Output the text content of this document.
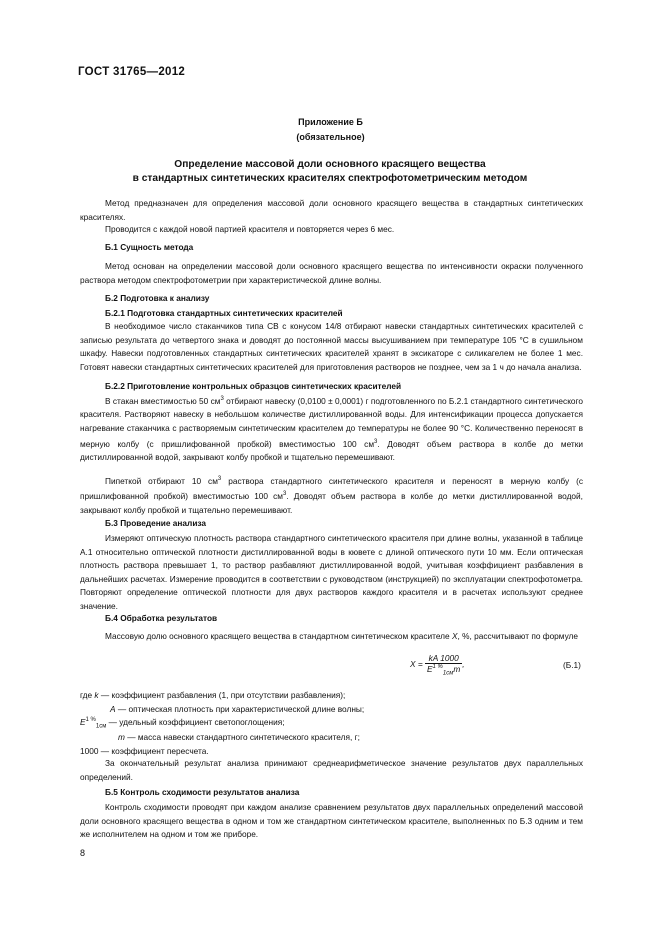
ГОСТ 31765—2012
Приложение Б
(обязательное)
Определение массовой доли основного красящего вещества
в стандартных синтетических красителях спектрофотометрическим методом
Метод предназначен для определения массовой доли основного красящего вещества в стандартных синтетических красителях.
Проводится с каждой новой партией красителя и повторяется через 6 мес.
Б.1 Сущность метода
Метод основан на определении массовой доли основного красящего вещества по интенсивности окраски полученного раствора методом спектрофотометрии при характеристической длине волны.
Б.2 Подготовка к анализу
Б.2.1 Подготовка стандартных синтетических красителей
В необходимое число стаканчиков типа СВ с конусом 14/8 отбирают навески стандартных синтетических красителей с записью результата до четвертого знака и доводят до постоянной массы высушиванием при температуре 105 °С в сушильном шкафу. Навески подготовленных стандартных синтетических красителей хранят в эксикаторе с силикагелем не более 1 мес. Готовят навески стандартных синтетических красителей для приготовления растворов не позднее, чем за 1 ч до начала анализа.
Б.2.2 Приготовление контрольных образцов синтетических красителей
В стакан вместимостью 50 $см^3$ отбирают навеску (0,0100 ± 0,0001) г подготовленного по Б.2.1 стандартного синтетического красителя. Растворяют навеску в небольшом количестве дистиллированной воды. Для интенсификации процесса допускается нагревание стаканчика с растворяемым синтетическим красителем до температуры не более 90 °С. Количественно переносят в мерную колбу (с пришлифованной пробкой) вместимостью 100 $см^3$. Доводят объем раствора в колбе до метки дистиллированной водой, закрывают колбу пробкой и тщательно перемешивают.
Пипеткой отбирают 10 $см^3$ раствора стандартного синтетического красителя и переносят в мерную колбу (с пришлифованной пробкой) вместимостью 100 $см^3$. Доводят объем раствора в колбе до метки дистиллированной водой, закрывают колбу пробкой и тщательно перемешивают.
Б.3 Проведение анализа
Измеряют оптическую плотность раствора стандартного синтетического красителя при длине волны, указанной в таблице А.1 относительно оптической плотности дистиллированной воды в кювете с длиной оптического пути 10 мм. Если оптическая плотность раствора превышает 1, то раствор разбавляют дистиллированной водой, учитывая коэффициент разбавления в дальнейших расчетах. Измерение проводится в соответствии с руководством (инструкцией) по эксплуатации спектрофотометра. Повторяют определение оптической плотности для двух растворов каждого красителя и в расчетах используют среднее значение.
Б.4 Обработка результатов
Массовую долю основного красящего вещества в стандартном синтетическом красителе X, %, рассчитывают по формуле
$X = \frac{kA 1000}{E^{1 \%}_{1см}m}$ ,	(Б.1)
где k — коэффициент разбавления (1, при отсутствии разбавления);
A — оптическая плотность при характеристической длине волны;
$E^{1 \%}_{1см}$ — удельный коэффициент светопоглощения;
m — масса навески стандартного синтетического красителя, г;
1000 — коэффициент пересчета.
За окончательный результат анализа принимают среднеарифметическое значение результатов двух параллельных определений.
Б.5 Контроль сходимости результатов анализа
Контроль сходимости проводят при каждом анализе сравнением результатов двух параллельных определений массовой доли основного красящего вещества в одном и том же стандартном синтетическом красителе, выполненных по Б.3 одним и тем же исполнителем на одном и том же приборе.
8
